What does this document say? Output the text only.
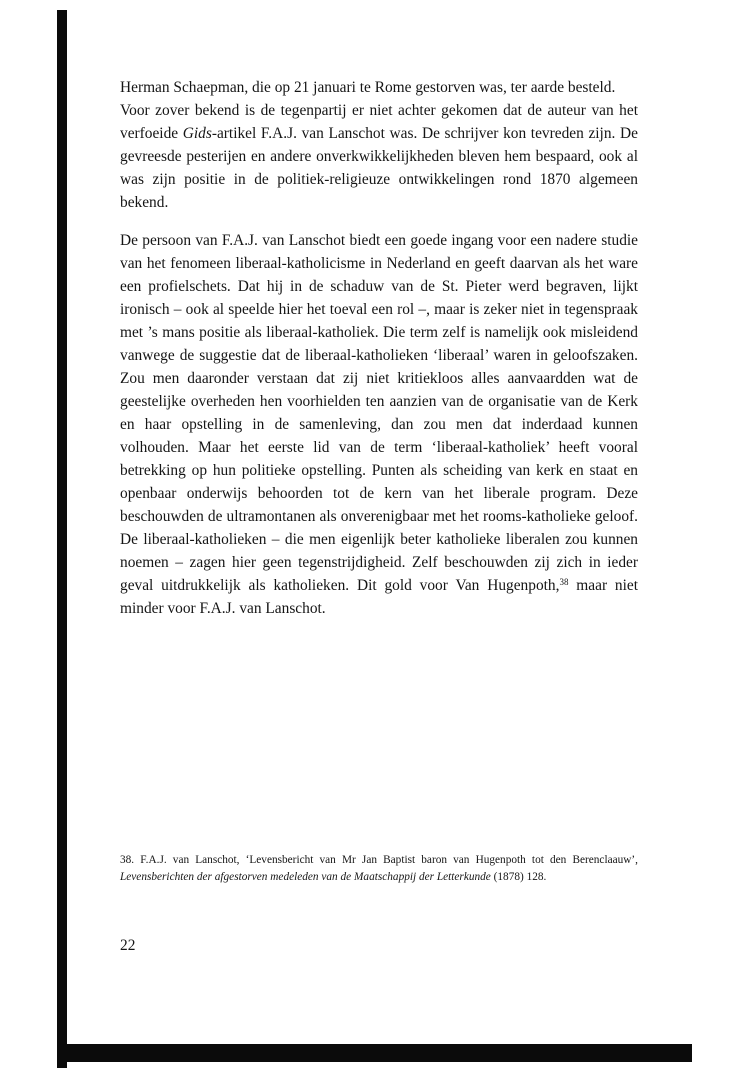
Herman Schaepman, die op 21 januari te Rome gestorven was, ter aarde besteld.

Voor zover bekend is de tegenpartij er niet achter gekomen dat de auteur van het verfoeide Gids-artikel F.A.J. van Lanschot was. De schrijver kon tevreden zijn. De gevreesde pesterijen en andere onverkwikkelijkheden bleven hem bespaard, ook al was zijn positie in de politiek-religieuze ontwikkelingen rond 1870 algemeen bekend.

De persoon van F.A.J. van Lanschot biedt een goede ingang voor een nadere studie van het fenomeen liberaal-katholicisme in Nederland en geeft daarvan als het ware een profielschets. Dat hij in de schaduw van de St. Pieter werd begraven, lijkt ironisch – ook al speelde hier het toeval een rol –, maar is zeker niet in tegenspraak met ’s mans positie als liberaal-katholiek. Die term zelf is namelijk ook misleidend vanwege de suggestie dat de liberaal-katholieken ‘liberaal’ waren in geloofszaken. Zou men daaronder verstaan dat zij niet kritiekloos alles aanvaardden wat de geestelijke overheden hen voorhielden ten aanzien van de organisatie van de Kerk en haar opstelling in de samenleving, dan zou men dat inderdaad kunnen volhouden. Maar het eerste lid van de term ‘liberaal-katholiek’ heeft vooral betrekking op hun politieke opstelling. Punten als scheiding van kerk en staat en openbaar onderwijs behoorden tot de kern van het liberale program. Deze beschouwden de ultramontanen als onverenigbaar met het rooms-katholieke geloof. De liberaal-katholieken – die men eigenlijk beter katholieke liberalen zou kunnen noemen – zagen hier geen tegenstrijdigheid. Zelf beschouwden zij zich in ieder geval uitdrukkelijk als katholieken. Dit gold voor Van Hugenpoth,$^{38}$ maar niet minder voor F.A.J. van Lanschot.

38. F.A.J. van Lanschot, ‘Levensbericht van Mr Jan Baptist baron van Hugenpoth tot den Berenclaauw’, Levensberichten der afgestorven medeleden van de Maatschappij der Letterkunde (1878) 128.
22
